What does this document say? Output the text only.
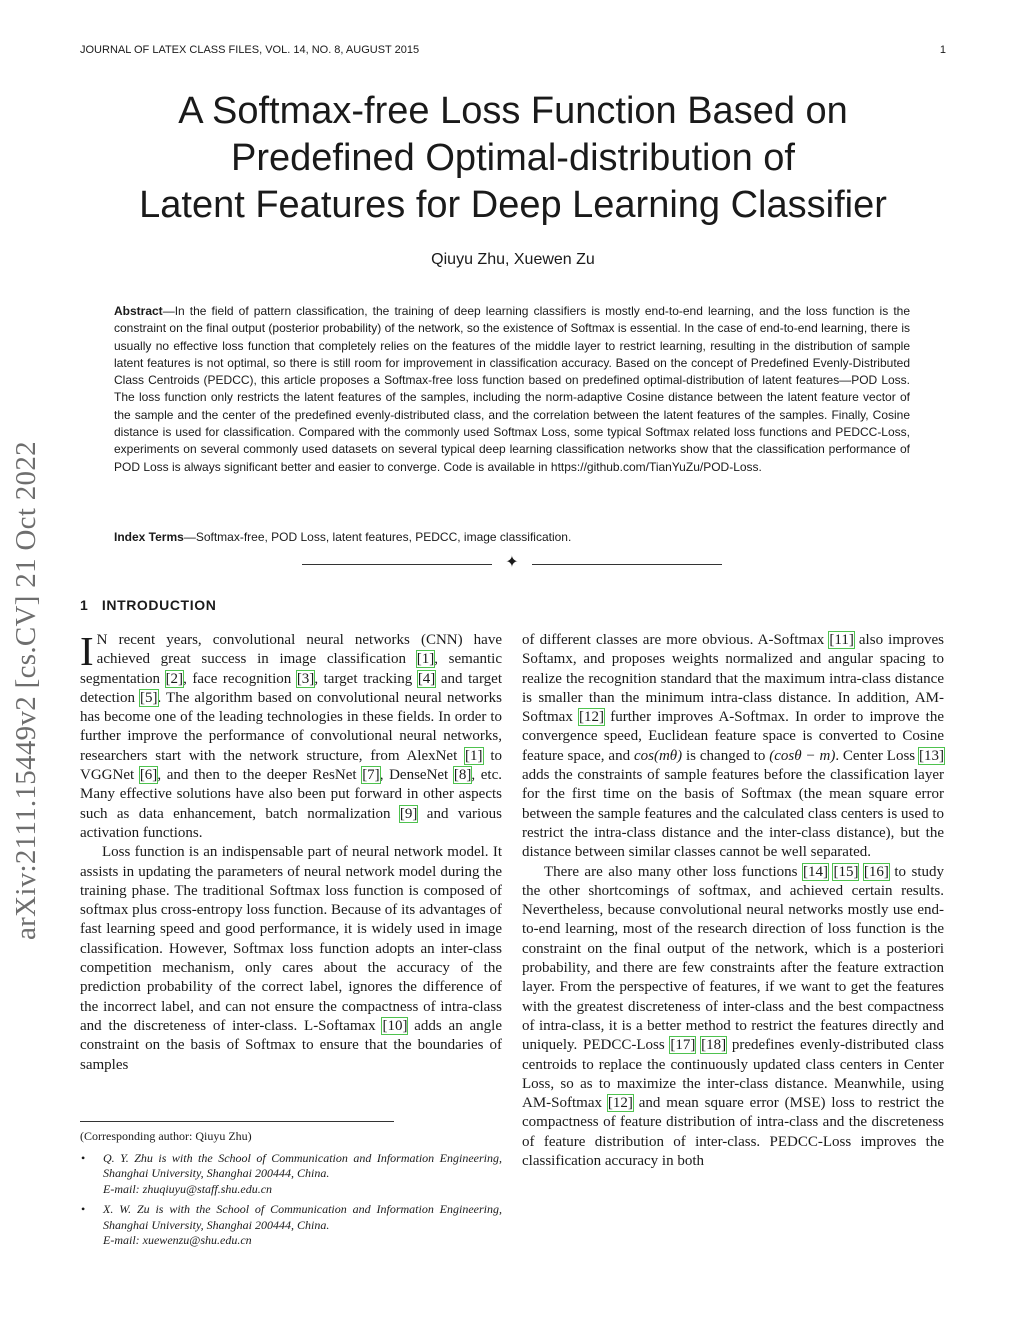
JOURNAL OF LATEX CLASS FILES, VOL. 14, NO. 8, AUGUST 2015	1
arXiv:2111.15449v2 [cs.CV] 21 Oct 2022
A Softmax-free Loss Function Based on
Predefined Optimal-distribution of
Latent Features for Deep Learning Classifier
Qiuyu Zhu, Xuewen Zu
Abstract—In the field of pattern classification, the training of deep learning classifiers is mostly end-to-end learning, and the loss function is the constraint on the final output (posterior probability) of the network, so the existence of Softmax is essential. In the case of end-to-end learning, there is usually no effective loss function that completely relies on the features of the middle layer to restrict learning, resulting in the distribution of sample latent features is not optimal, so there is still room for improvement in classification accuracy. Based on the concept of Predefined Evenly-Distributed Class Centroids (PEDCC), this article proposes a Softmax-free loss function based on predefined optimal-distribution of latent features—POD Loss. The loss function only restricts the latent features of the samples, including the norm-adaptive Cosine distance between the latent feature vector of the sample and the center of the predefined evenly-distributed class, and the correlation between the latent features of the samples. Finally, Cosine distance is used for classification. Compared with the commonly used Softmax Loss, some typical Softmax related loss functions and PEDCC-Loss, experiments on several commonly used datasets on several typical deep learning classification networks show that the classification performance of POD Loss is always significant better and easier to converge. Code is available in https://github.com/TianYuZu/POD-Loss.
Index Terms—Softmax-free, POD Loss, latent features, PEDCC, image classification.
✦
1 INTRODUCTION

I N recent years, convolutional neural networks (CNN) have achieved great success in image classification [1], semantic segmentation [2], face recognition [3], target tracking [4] and target detection [5]. The algorithm based on convolutional neural networks has become one of the leading technologies in these fields. In order to further improve the performance of convolutional neural networks, researchers start with the network structure, from AlexNet [1] to VGGNet [6], and then to the deeper ResNet [7], DenseNet [8], etc. Many effective solutions have also been put forward in other aspects such as data enhancement, batch normalization [9] and various activation functions.

Loss function is an indispensable part of neural network model. It assists in updating the parameters of neural network model during the training phase. The traditional Softmax loss function is composed of softmax plus cross-entropy loss function. Because of its advantages of fast learning speed and good performance, it is widely used in image classification. However, Softmax loss function adopts an inter-class competition mechanism, only cares about the accuracy of the prediction probability of the correct label, ignores the difference of the incorrect label, and can not ensure the compactness of intra-class and the discreteness of inter-class. L-Softamax [10] adds an angle constraint on the basis of Softmax to ensure that the boundaries of samples

of different classes are more obvious. A-Softmax [11] also improves Softamx, and proposes weights normalized and angular spacing to realize the recognition standard that the maximum intra-class distance is smaller than the minimum intra-class distance. In addition, AM-Softmax [12] further improves A-Softmax. In order to improve the convergence speed, Euclidean feature space is converted to Cosine feature space, and cos(mθ) is changed to (cosθ − m). Center Loss [13] adds the constraints of sample features before the classification layer for the first time on the basis of Softmax (the mean square error between the sample features and the calculated class centers is used to restrict the intra-class distance and the inter-class distance), but the distance between similar classes cannot be well separated.

There are also many other loss functions [14] [15] [16] to study the other shortcomings of softmax, and achieved certain results. Nevertheless, because convolutional neural networks mostly use end-to-end learning, most of the research direction of loss function is the constraint on the final output of the network, which is a posteriori probability, and there are few constraints after the feature extraction layer. From the perspective of features, if we want to get the features with the greatest discreteness of inter-class and the best compactness of intra-class, it is a better method to restrict the features directly and uniquely. PEDCC-Loss [17] [18] predefines evenly-distributed class centroids to replace the continuously updated class centers in Center Loss, so as to maximize the inter-class distance. Meanwhile, using AM-Softmax [12] and mean square error (MSE) loss to restrict the compactness of feature distribution of intra-class and the discreteness of feature distribution of inter-class. PEDCC-Loss improves the classification accuracy in both

(Corresponding author: Qiuyu Zhu)
• Q. Y. Zhu is with the School of Communication and Information Engineering, Shanghai University, Shanghai 200444, China.
E-mail: zhuqiuyu@staff.shu.edu.cn
• X. W. Zu is with the School of Communication and Information Engineering, Shanghai University, Shanghai 200444, China.
E-mail: xuewenzu@shu.edu.cn
